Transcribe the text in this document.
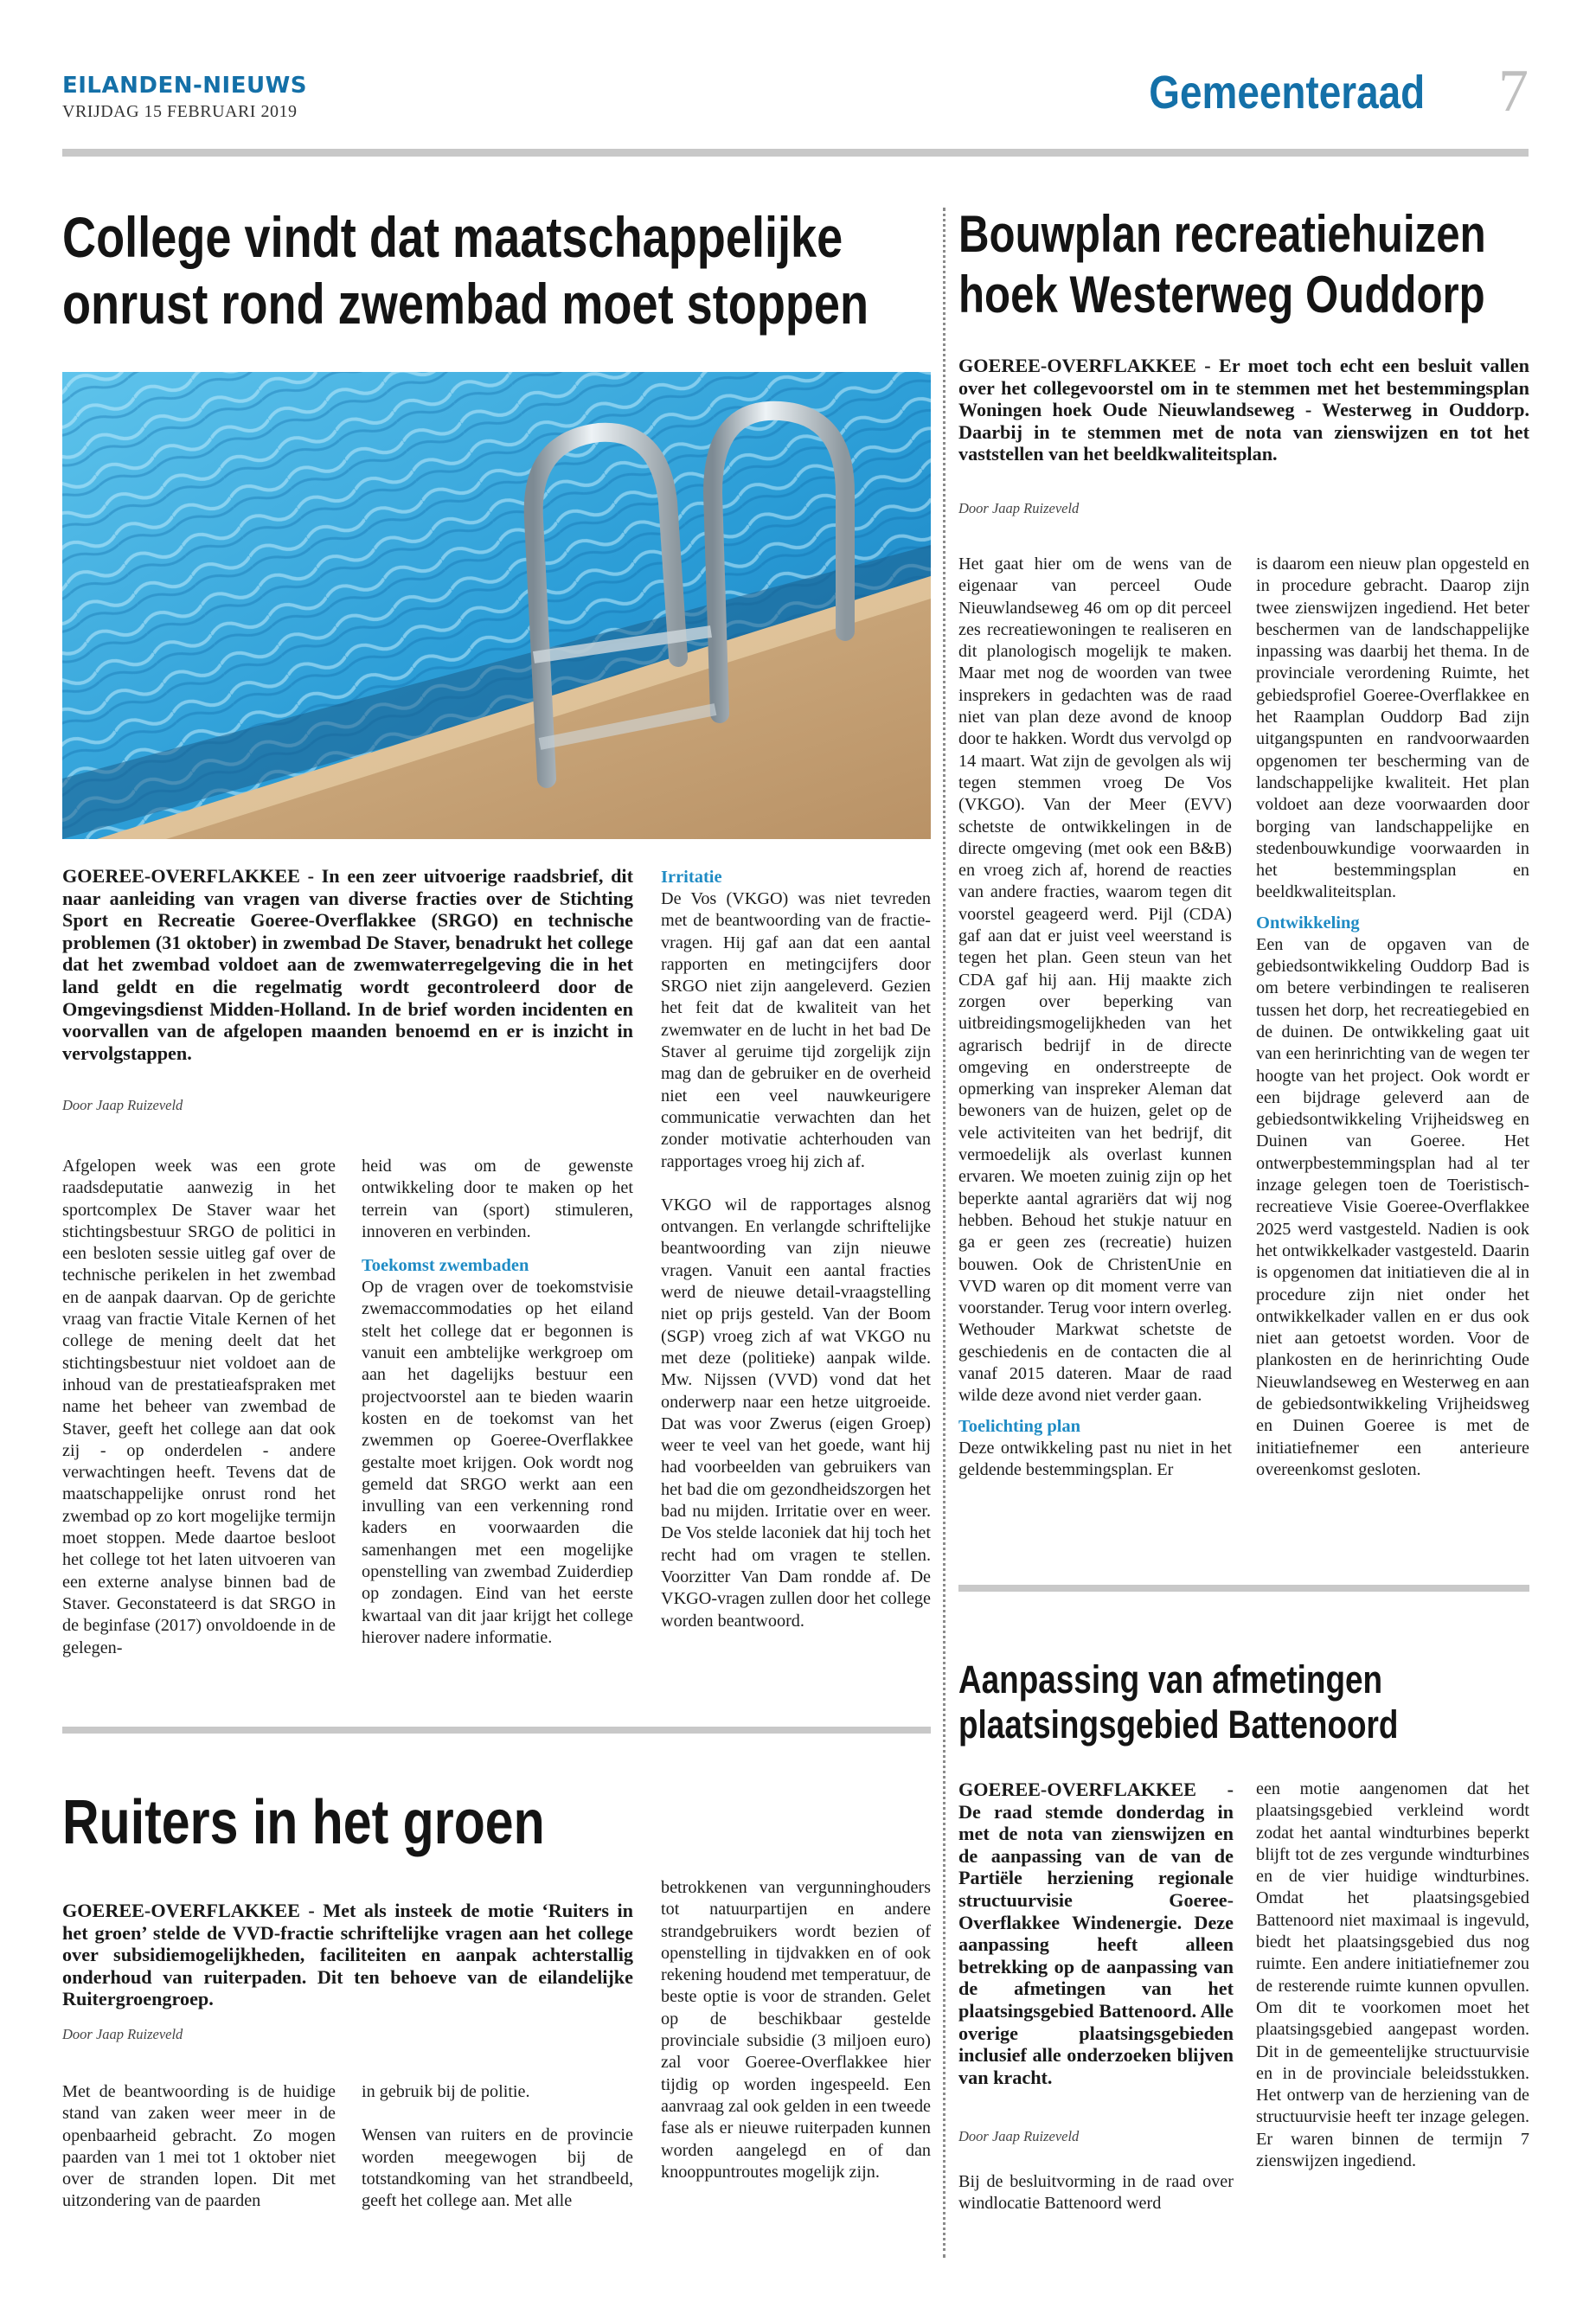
EILANDEN-NIEUWS
VRIJDAG 15 FEBRUARI 2019	Gemeenteraad 7
College vindt dat maatschappelijke
onrust rond zwembad moet stoppen
GOEREE-OVERFLAKKEE - In een zeer uitvoerige raadsbrief, dit naar aanleiding van vragen van diverse fracties over de Stichting Sport en Recreatie Goeree-Overflakkee (SRGO) en technische problemen (31 oktober) in zwembad De Staver, benadrukt het college dat het zwembad voldoet aan de zwemwaterregelgeving die in het land geldt en die regelmatig wordt gecontroleerd door de Omgevingsdienst Midden-Holland. In de brief worden incidenten en voorvallen van de afgelopen maanden benoemd en er is inzicht in vervolgstappen.
Door Jaap Ruizeveld

Afgelopen week was een grote raadsdeputatie aanwezig in het sportcomplex De Staver waar het stichtingsbestuur SRGO de politici in een besloten sessie uitleg gaf over de technische perikelen in het zwembad en de aanpak daarvan. Op de gerichte vraag van fractie Vitale Kernen of het college de mening deelt dat het stichtingsbestuur niet voldoet aan de inhoud van de prestatieafspraken met name het beheer van zwembad de Staver, geeft het college aan dat ook zij - op onderdelen - andere verwachtingen heeft. Tevens dat de maatschappelijke onrust rond het zwembad op zo kort mogelijke termijn moet stoppen. Mede daartoe besloot het college tot het laten uitvoeren van een externe analyse binnen bad de Staver. Geconstateerd is dat SRGO in de beginfase (2017) onvoldoende in de gelegen-

heid was om de gewenste ontwikkeling door te maken op het terrein van (sport) stimuleren, innoveren en verbinden.

Toekomst zwembaden

Op de vragen over de toekomstvisie zwemaccommodaties op het eiland stelt het college dat er begonnen is vanuit een ambtelijke werkgroep om aan het dagelijks bestuur een projectvoorstel aan te bieden waarin kosten en de toekomst van het zwemmen op Goeree-Overflakkee gestalte moet krijgen. Ook wordt nog gemeld dat SRGO werkt aan een invulling van een verkenning rond kaders en voorwaarden die samenhangen met een mogelijke openstelling van zwembad Zuiderdiep op zondagen. Eind van het eerste kwartaal van dit jaar krijgt het college hierover nadere informatie.

Irritatie

De Vos (VKGO) was niet tevreden met de beantwoording van de fractie-vragen. Hij gaf aan dat een aantal rapporten en metingcijfers door SRGO niet zijn aangeleverd. Gezien het feit dat de kwaliteit van het zwemwater en de lucht in het bad De Staver al geruime tijd zorgelijk zijn mag dan de gebruiker en de overheid niet een veel nauwkeurigere communicatie verwachten dan het zonder motivatie achterhouden van rapportages vroeg hij zich af.

VKGO wil de rapportages alsnog ontvangen. En verlangde schriftelijke beantwoording van zijn nieuwe vragen. Vanuit een aantal fracties werd de nieuwe detail-vraagstelling niet op prijs gesteld. Van der Boom (SGP) vroeg zich af wat VKGO nu met deze (politieke) aanpak wilde. Mw. Nijssen (VVD) vond dat het onderwerp naar een hetze uitgroeide. Dat was voor Zwerus (eigen Groep) weer te veel van het goede, want hij had voorbeelden van gebruikers van het bad die om gezondheidszorgen het bad nu mijden. Irritatie over en weer. De Vos stelde laconiek dat hij toch het recht had om vragen te stellen. Voorzitter Van Dam rondde af. De VKGO-vragen zullen door het college worden beantwoord.

Bouwplan recreatiehuizen
hoek Westerweg Ouddorp
GOEREE-OVERFLAKKEE - Er moet toch echt een besluit vallen over het collegevoorstel om in te stemmen met het bestemmingsplan Woningen hoek Oude Nieuwlandseweg - Westerweg in Ouddorp. Daarbij in te stemmen met de nota van zienswijzen en tot het vaststellen van het beeldkwaliteitsplan.
Door Jaap Ruizeveld

Het gaat hier om de wens van de eigenaar van perceel Oude Nieuwlandseweg 46 om op dit perceel zes recreatiewoningen te realiseren en dit planologisch mogelijk te maken. Maar met nog de woorden van twee insprekers in gedachten was de raad niet van plan deze avond de knoop door te hakken. Wordt dus vervolgd op 14 maart. Wat zijn de gevolgen als wij tegen stemmen vroeg De Vos (VKGO). Van der Meer (EVV) schetste de ontwikkelingen in de directe omgeving (met ook een B&B) en vroeg zich af, horend de reacties van andere fracties, waarom tegen dit voorstel geageerd werd. Pijl (CDA) gaf aan dat er juist veel weerstand is tegen het plan. Geen steun van het CDA gaf hij aan. Hij maakte zich zorgen over beperking van uitbreidingsmogelijkheden van het agrarisch bedrijf in de directe omgeving en onderstreepte de opmerking van inspreker Aleman dat bewoners van de huizen, gelet op de vele activiteiten van het bedrijf, dit vermoedelijk als overlast kunnen ervaren. We moeten zuinig zijn op het beperkte aantal agrariërs dat wij nog hebben. Behoud het stukje natuur en ga er geen zes (recreatie) huizen bouwen. Ook de ChristenUnie en VVD waren op dit moment verre van voorstander. Terug voor intern overleg. Wethouder Markwat schetste de geschiedenis en de contacten die al vanaf 2015 dateren. Maar de raad wilde deze avond niet verder gaan.

Toelichting plan

Deze ontwikkeling past nu niet in het geldende bestemmingsplan. Er

is daarom een nieuw plan opgesteld en in procedure gebracht. Daarop zijn twee zienswijzen ingediend. Het beter beschermen van de landschappelijke inpassing was daarbij het thema. In de provinciale verordening Ruimte, het gebiedsprofiel Goeree-Overflakkee en het Raamplan Ouddorp Bad zijn uitgangspunten en randvoorwaarden opgenomen ter bescherming van de landschappelijke kwaliteit. Het plan voldoet aan deze voorwaarden door borging van landschappelijke en stedenbouwkundige voorwaarden in het bestemmingsplan en beeldkwaliteitsplan.

Ontwikkeling

Een van de opgaven van de gebiedsontwikkeling Ouddorp Bad is om betere verbindingen te realiseren tussen het dorp, het recreatiegebied en de duinen. De ontwikkeling gaat uit van een herinrichting van de wegen ter hoogte van het project. Ook wordt er een bijdrage geleverd aan de gebiedsontwikkeling Vrijheidsweg en Duinen van Goeree. Het ontwerpbestemmingsplan had al ter inzage gelegen toen de Toeristisch- recreatieve Visie Goeree-Overflakkee 2025 werd vastgesteld. Nadien is ook het ontwikkelkader vastgesteld. Daarin is opgenomen dat initiatieven die al in procedure zijn niet onder het ontwikkelkader vallen en er dus ook niet aan getoetst worden. Voor de plankosten en de herinrichting Oude Nieuwlandseweg en Westerweg en aan de gebiedsontwikkeling Vrijheidsweg en Duinen Goeree is met de initiatiefnemer een anterieure overeenkomst gesloten.

Aanpassing van afmetingen
plaatsingsgebied Battenoord
GOEREE-OVERFLAKKEE - De raad stemde donderdag in met de nota van zienswijzen en de aanpassing van de van de Partiële herziening regionale structuurvisie Goeree-Overflakkee Windenergie. Deze aanpassing heeft alleen betrekking op de aanpassing van de afmetingen van het plaatsingsgebied Battenoord. Alle overige plaatsingsgebieden inclusief alle onderzoeken blijven van kracht.
Door Jaap Ruizeveld

Bij de besluitvorming in de raad over windlocatie Battenoord werd

een motie aangenomen dat het plaatsingsgebied verkleind wordt zodat het aantal windturbines beperkt blijft tot de zes vergunde windturbines en de vier huidige windturbines. Omdat het plaatsingsgebied Battenoord niet maximaal is ingevuld, biedt het plaatsingsgebied dus nog ruimte. Een andere initiatiefnemer zou de resterende ruimte kunnen opvullen. Om dit te voorkomen moet het plaatsingsgebied aangepast worden. Dit in de gemeentelijke structuurvisie en in de provinciale beleidsstukken. Het ontwerp van de herziening van de structuurvisie heeft ter inzage gelegen. Er waren binnen de termijn 7 zienswijzen ingediend.

Ruiters in het groen
GOEREE-OVERFLAKKEE - Met als insteek de motie ‘Ruiters in het groen’ stelde de VVD-fractie schriftelijke vragen aan het college over subsidiemogelijkheden, faciliteiten en aanpak achterstallig onderhoud van ruiterpaden. Dit ten behoeve van de eilandelijke Ruitergroengroep.
Door Jaap Ruizeveld

Met de beantwoording is de huidige stand van zaken weer meer in de openbaarheid gebracht. Zo mogen paarden van 1 mei tot 1 oktober niet over de stranden lopen. Dit met uitzondering van de paarden

in gebruik bij de politie.

Wensen van ruiters en de provincie worden meegewogen bij de totstandkoming van het strandbeeld, geeft het college aan. Met alle

betrokkenen van vergunninghouders tot natuurpartijen en andere strandgebruikers wordt bezien of openstelling in tijdvakken en of ook rekening houdend met temperatuur, de beste optie is voor de stranden. Gelet op de beschikbaar gestelde provinciale subsidie (3 miljoen euro) zal voor Goeree-Overflakkee hier tijdig op worden ingespeeld. Een aanvraag zal ook gelden in een tweede fase als er nieuwe ruiterpaden kunnen worden aangelegd en of dan knooppuntroutes mogelijk zijn.
